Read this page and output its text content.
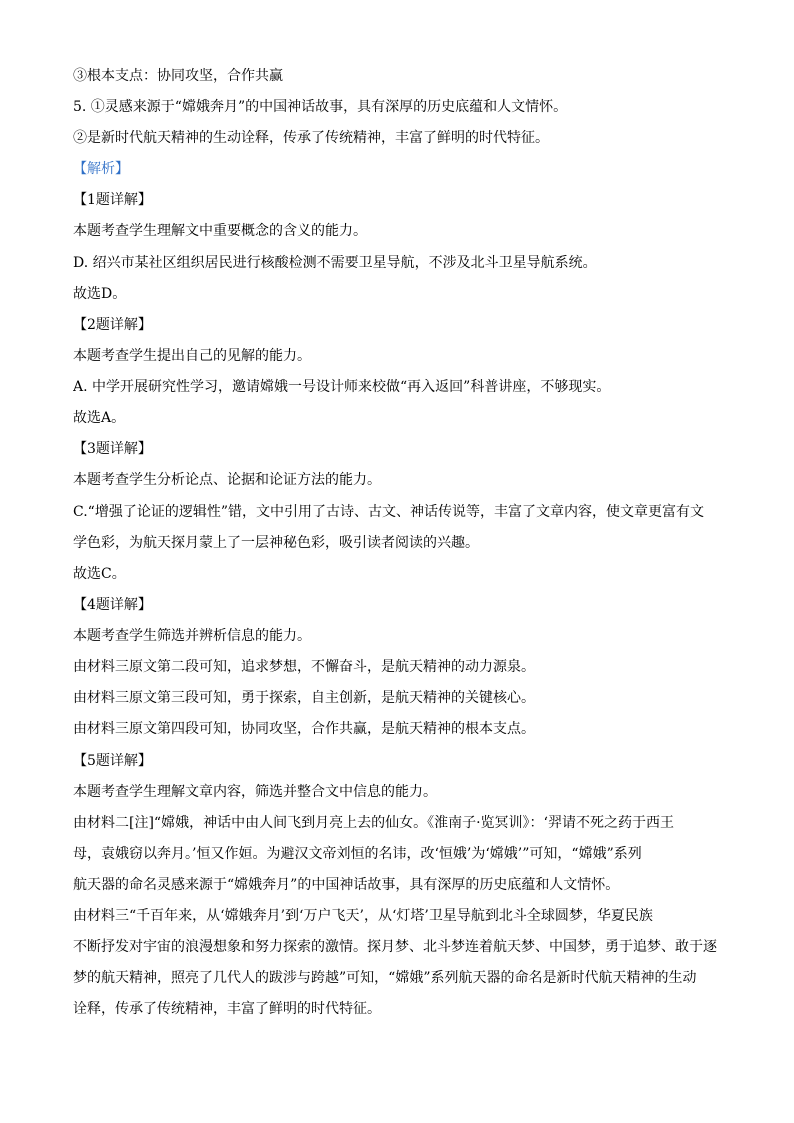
③根本支点：协同攻坚，合作共赢
5. ①灵感来源于“嫦娥奔月”的中国神话故事，具有深厚的历史底蕴和人文情怀。
②是新时代航天精神的生动诠释，传承了传统精神，丰富了鲜明的时代特征。
【解析】
【1题详解】
本题考查学生理解文中重要概念的含义的能力。
D. 绍兴市某社区组织居民进行核酸检测不需要卫星导航，不涉及北斗卫星导航系统。
故选D。
【2题详解】
本题考查学生提出自己的见解的能力。
A. 中学开展研究性学习，邀请嫦娥一号设计师来校做“再入返回”科普讲座，不够现实。
故选A。
【3题详解】
本题考查学生分析论点、论据和论证方法的能力。
C.“增强了论证的逻辑性”错，文中引用了古诗、古文、神话传说等，丰富了文章内容，使文章更富有文
学色彩，为航天探月蒙上了一层神秘色彩，吸引读者阅读的兴趣。
故选C。
【4题详解】
本题考查学生筛选并辨析信息的能力。
由材料三原文第二段可知，追求梦想，不懈奋斗，是航天精神的动力源泉。
由材料三原文第三段可知，勇于探索，自主创新，是航天精神的关键核心。
由材料三原文第四段可知，协同攻坚，合作共赢，是航天精神的根本支点。
【5题详解】
本题考查学生理解文章内容，筛选并整合文中信息的能力。
由材料二[注]“嫦娥，神话中由人间飞到月亮上去的仙女。《淮南子·览冥训》：‘羿请不死之药于西王
母，袁娥窃以奔月。’恒又作姮。为避汉文帝刘恒的名讳，改‘恒娥’为‘嫦娥’”可知，“嫦娥”系列
航天器的命名灵感来源于“嫦娥奔月”的中国神话故事，具有深厚的历史底蕴和人文情怀。
由材料三“千百年来，从‘嫦娥奔月’到‘万户飞天’，从‘灯塔’卫星导航到北斗全球圆梦，华夏民族
不断抒发对宇宙的浪漫想象和努力探索的激情。探月梦、北斗梦连着航天梦、中国梦，勇于追梦、敢于逐
梦的航天精神，照亮了几代人的跋涉与跨越”可知，“嫦娥”系列航天器的命名是新时代航天精神的生动
诠释，传承了传统精神，丰富了鲜明的时代特征。
